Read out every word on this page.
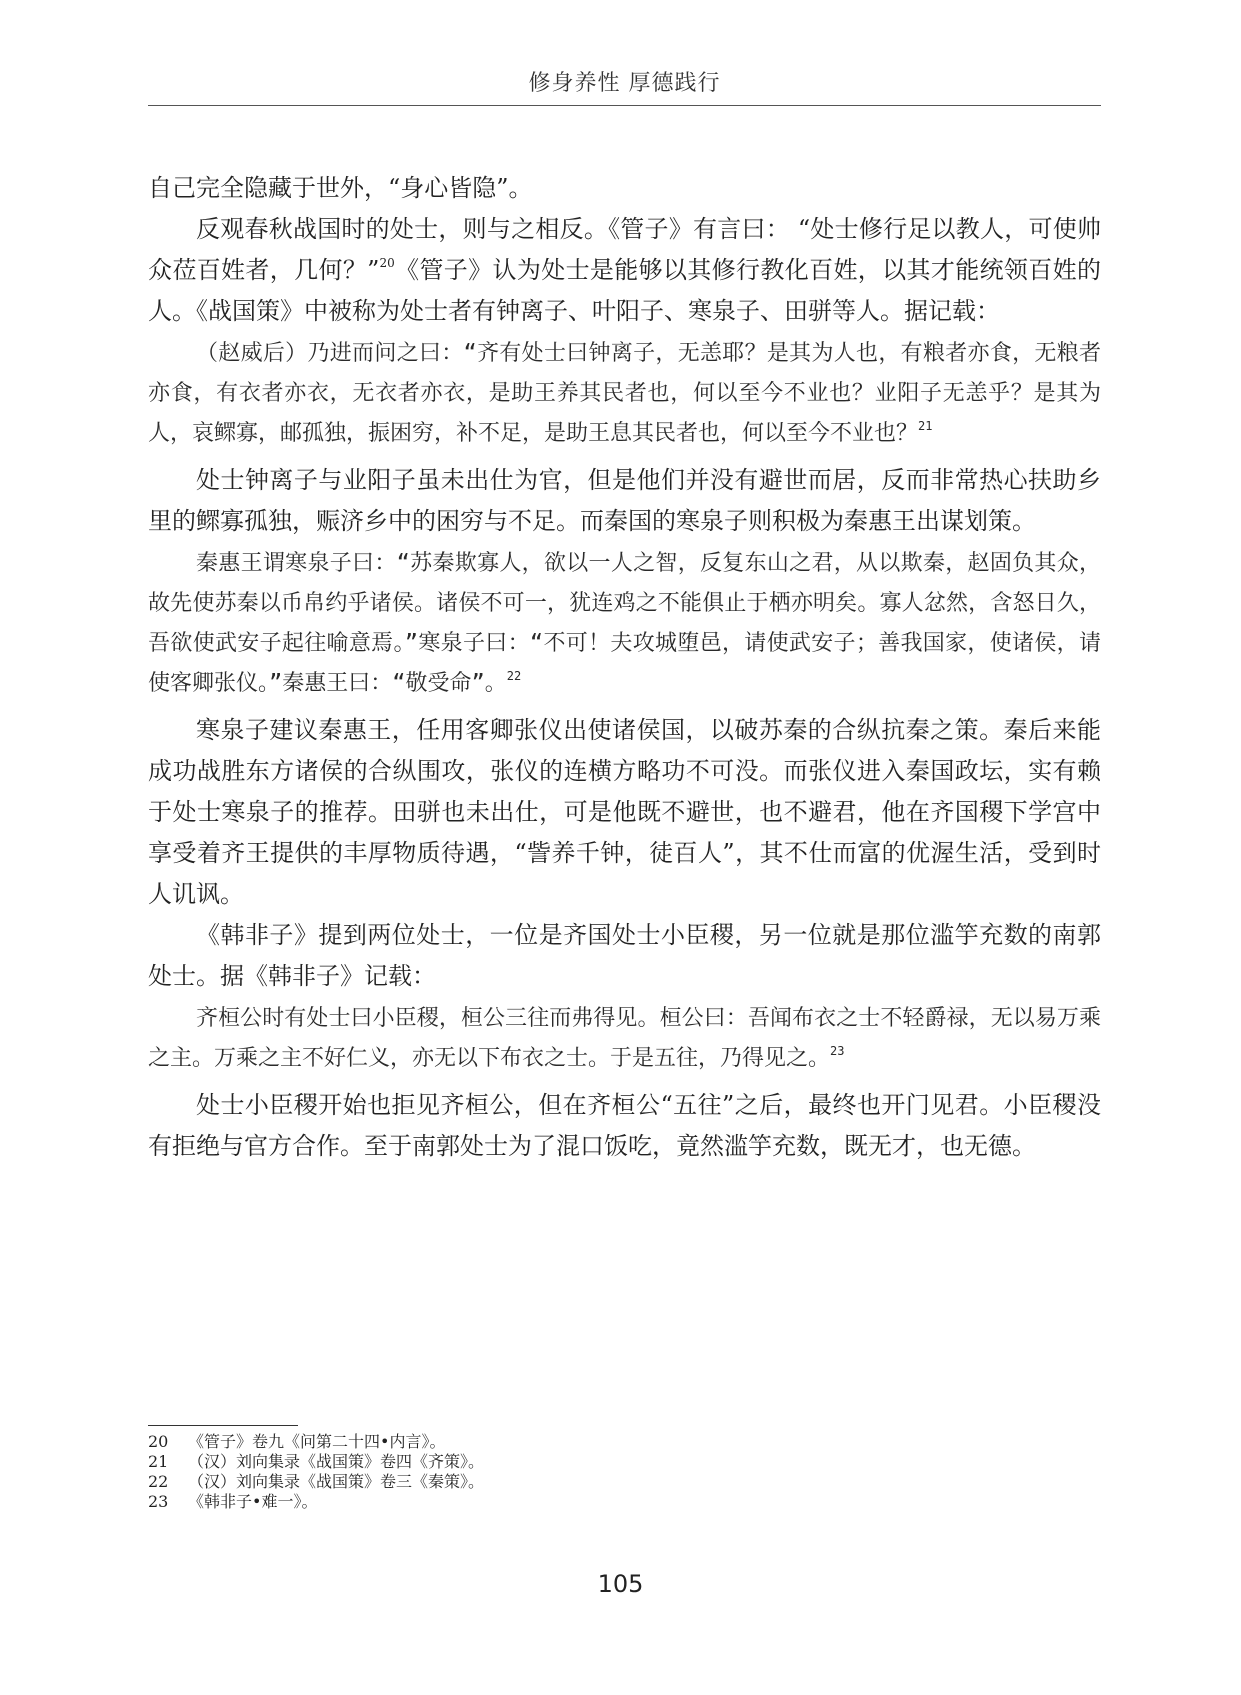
修身养性 厚德践行

自己完全隐藏于世外，“身心皆隐”。

反观春秋战国时的处士，则与之相反。《管子》有言曰： “处士修行足以教人，可使帅众莅百姓者，几何？”$^{20}$《管子》认为处士是能够以其修行教化百姓，以其才能统领百姓的人。《战国策》中被称为处士者有钟离子、叶阳子、寒泉子、田骈等人。据记载：

（赵威后）乃进而问之曰：“齐有处士曰钟离子，无恙耶？是其为人也，有粮者亦食，无粮者亦食，有衣者亦衣，无衣者亦衣，是助王养其民者也，何以至今不业也？业阳子无恙乎？是其为人，哀鳏寡，邮孤独，振困穷，补不足，是助王息其民者也，何以至今不业也？$^{21}$

处士钟离子与业阳子虽未出仕为官，但是他们并没有避世而居，反而非常热心扶助乡里的鳏寡孤独，赈济乡中的困穷与不足。而秦国的寒泉子则积极为秦惠王出谋划策。

秦惠王谓寒泉子曰：“苏秦欺寡人，欲以一人之智，反复东山之君，从以欺秦，赵固负其众，故先使苏秦以币帛约乎诸侯。诸侯不可一，犹连鸡之不能俱止于栖亦明矣。寡人忿然，含怒日久，吾欲使武安子起往喻意焉。”寒泉子曰：“不可！夫攻城堕邑，请使武安子；善我国家，使诸侯，请使客卿张仪。”秦惠王曰：“敬受命”。$^{22}$

寒泉子建议秦惠王，任用客卿张仪出使诸侯国，以破苏秦的合纵抗秦之策。秦后来能成功战胜东方诸侯的合纵围攻，张仪的连横方略功不可没。而张仪进入秦国政坛，实有赖于处士寒泉子的推荐。田骈也未出仕，可是他既不避世，也不避君，他在齐国稷下学宫中享受着齐王提供的丰厚物质待遇，“訾养千钟，徒百人”，其不仕而富的优渥生活，受到时人讥讽。

《韩非子》提到两位处士，一位是齐国处士小臣稷，另一位就是那位滥竽充数的南郭处士。据《韩非子》记载：

齐桓公时有处士曰小臣稷，桓公三往而弗得见。桓公曰：吾闻布衣之士不轻爵禄，无以易万乘之主。万乘之主不好仁义，亦无以下布衣之士。于是五往，乃得见之。$^{23}$

处士小臣稷开始也拒见齐桓公，但在齐桓公“五往”之后，最终也开门见君。小臣稷没有拒绝与官方合作。至于南郭处士为了混口饭吃，竟然滥竽充数，既无才，也无德。

20	《管子》卷九《问第二十四•内言》。
21	（汉）刘向集录《战国策》卷四《齐策》。
22	（汉）刘向集录《战国策》卷三《秦策》。
23	《韩非子•难一》。
105
